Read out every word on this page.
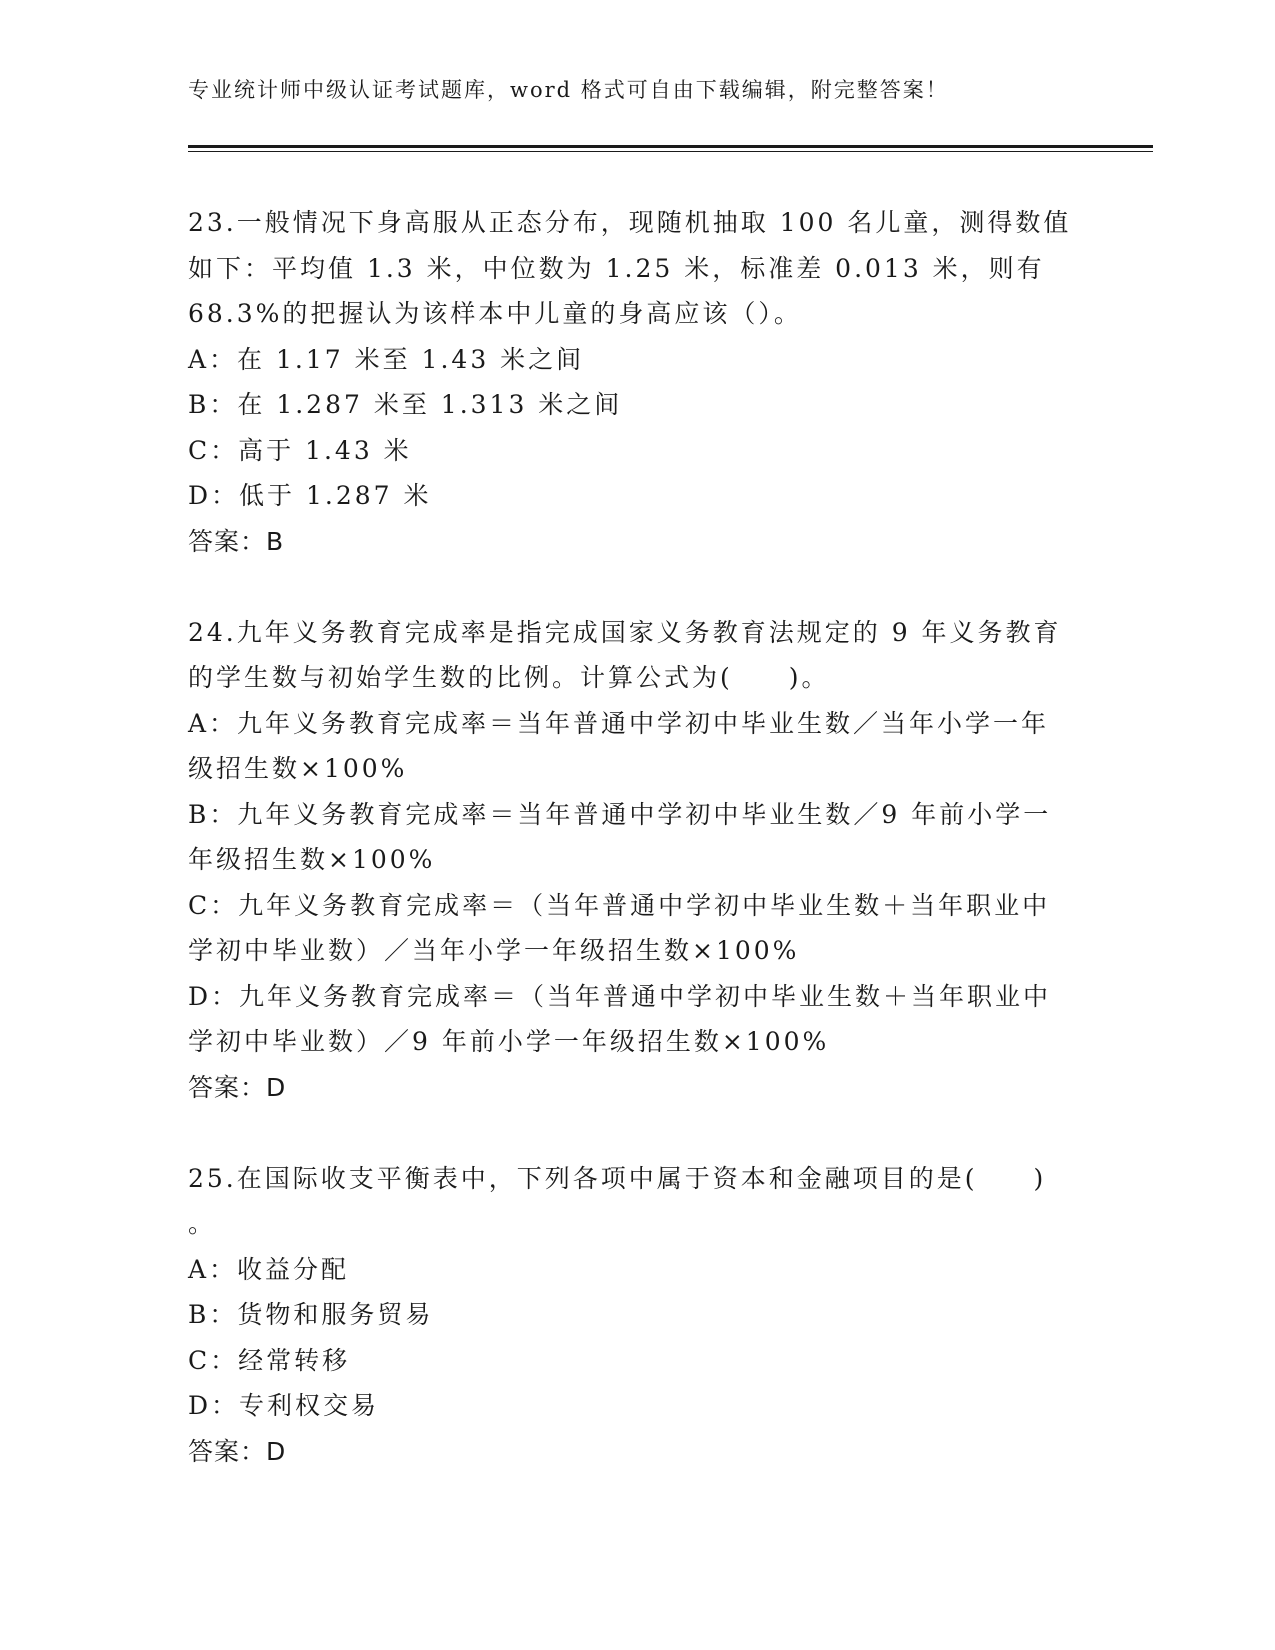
专业统计师中级认证考试题库，word 格式可自由下载编辑，附完整答案！
23.一般情况下身高服从正态分布，现随机抽取 100 名儿童，测得数值
如下：平均值 1.3 米，中位数为 1.25 米，标准差 0.013 米，则有
68.3%的把握认为该样本中儿童的身高应该（）。
A：在 1.17 米至 1.43 米之间
B：在 1.287 米至 1.313 米之间
C：高于 1.43 米
D：低于 1.287 米
答案：B
24.九年义务教育完成率是指完成国家义务教育法规定的 9 年义务教育
的学生数与初始学生数的比例。计算公式为(　　)。
A：九年义务教育完成率＝当年普通中学初中毕业生数／当年小学一年
级招生数×100%
B：九年义务教育完成率＝当年普通中学初中毕业生数／9 年前小学一
年级招生数×100%
C：九年义务教育完成率＝（当年普通中学初中毕业生数＋当年职业中
学初中毕业数）／当年小学一年级招生数×100%
D：九年义务教育完成率＝（当年普通中学初中毕业生数＋当年职业中
学初中毕业数）／9 年前小学一年级招生数×100%
答案：D
25.在国际收支平衡表中，下列各项中属于资本和金融项目的是(　　)
。
A：收益分配
B：货物和服务贸易
C：经常转移
D：专利权交易
答案：D
